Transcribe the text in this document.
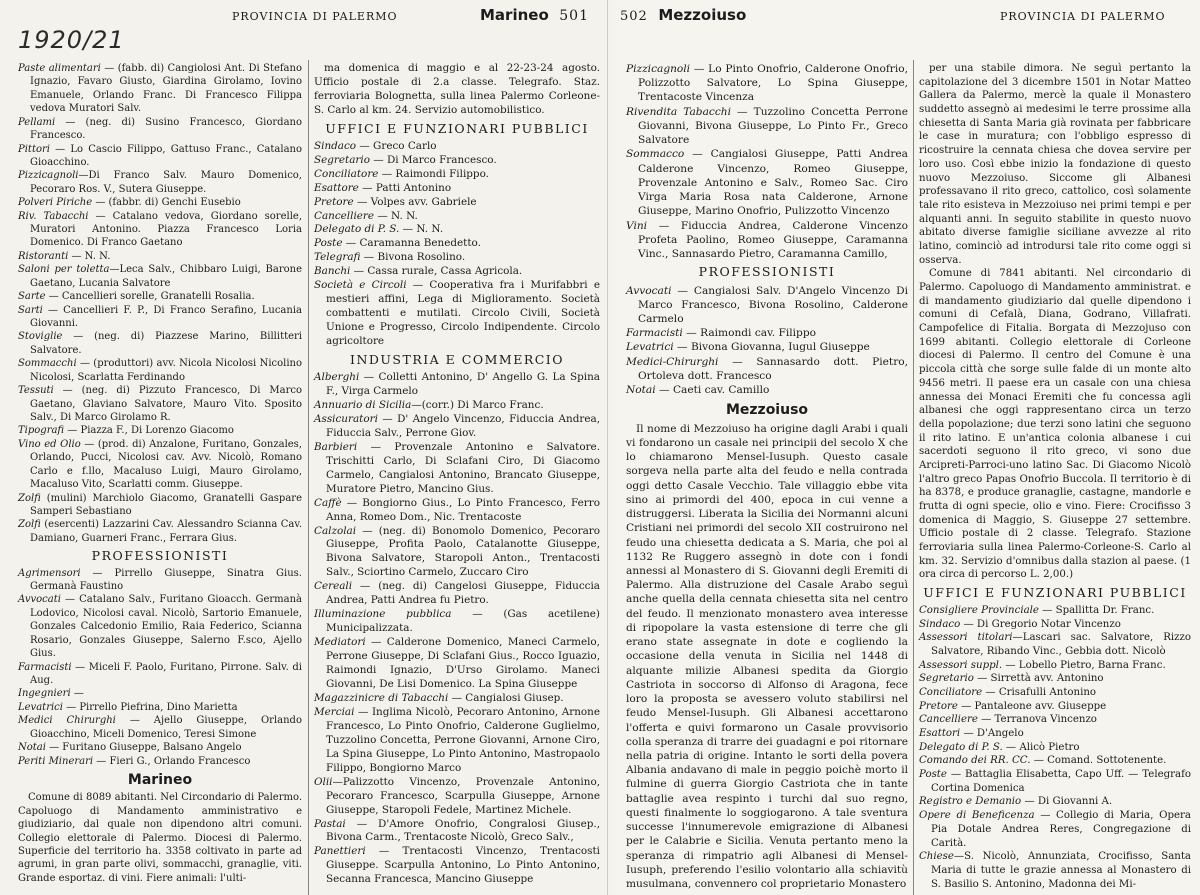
1920/21
PROVINCIA DI PALERMO	Marineo 501
Paste alimentari — (fabb. di) Cangiolosi Ant. Di Stefano Ignazio, Favaro Giusto, Giardina Girolamo, Iovino Emanuele, Orlando Franc. Di Francesco Filippa vedova Muratori Salv.
Pellami — (neg. di) Susino Francesco, Giordano Francesco.
Pittori — Lo Cascio Filippo, Gattuso Franc., Catalano Gioacchino.
Pizzicagnoli—Di Franco Salv. Mauro Domenico, Pecoraro Ros. V., Sutera Giuseppe.
Polveri Piriche — (fabbr. di) Genchi Eusebio
Riv. Tabacchi — Catalano vedova, Giordano sorelle, Muratori Antonino. Piazza Francesco Loria Domenico. Di Franco Gaetano
Ristoranti — N. N.
Saloni per toletta—Leca Salv., Chibbaro Luigi, Barone Gaetano, Lucania Salvatore
Sarte — Cancellieri sorelle, Granatelli Rosalia.
Sarti — Cancellieri F. P., Di Franco Serafino, Lucania Giovanni.
Stoviglie — (neg. di) Piazzese Marino, Billitteri Salvatore.
Sommacchi — (produttori) avv. Nicola Nicolosi Nicolino Nicolosi, Scarlatta Ferdinando
Tessuti — (neg. di) Pizzuto Francesco, Di Marco Gaetano, Glaviano Salvatore, Mauro Vito. Sposito Salv., Di Marco Girolamo R.
Tipografi — Piazza F., Di Lorenzo Giacomo
Vino ed Olio — (prod. di) Anzalone, Furitano, Gonzales, Orlando, Pucci, Nicolosi cav. Avv. Nicolò, Romano Carlo e f.llo, Macaluso Luigi, Mauro Girolamo, Macaluso Vito, Scarlatti comm. Giuseppe.
Zolfi (mulini) Marchiolo Giacomo, Granatelli Gaspare Samperi Sebastiano
Zolfi (esercenti) Lazzarini Cav. Alessandro Scianna Cav. Damiano, Guarneri Franc., Ferrara Gius.
PROFESSIONISTI
Agrimensori — Pirrello Giuseppe, Sinatra Gius. Germanà Faustino
Avvocati — Catalano Salv., Furitano Gioacch. Germanà Lodovico, Nicolosi caval. Nicolò, Sartorio Emanuele, Gonzales Calcedonio Emilio, Raia Federico, Scianna Rosario, Gonzales Giuseppe, Salerno F.sco, Ajello Gius.
Farmacisti — Miceli F. Paolo, Furitano, Pirrone. Salv. di Aug.
Ingegnieri —
Levatrici — Pirrello Piefrina, Dino Marietta
Medici Chirurghi — Ajello Giuseppe, Orlando Gioacchino, Miceli Domenico, Teresi Simone
Notai — Furitano Giuseppe, Balsano Angelo
Periti Minerari — Fieri G., Orlando Francesco
Marineo

Comune di 8089 abitanti. Nel Circondario di Palermo. Capoluogo di Mandamento amministrativo e giudiziario, dal quale non dipendono altri comuni. Collegio elettorale di Palermo. Diocesi di Palermo. Superficie del territorio ha. 3358 coltivato in parte ad agrumi, in gran parte olivi, sommacchi, granaglie, viti. Grande esportaz. di vini. Fiere animali: l'ulti-

ma domenica di maggio e al 22-23-24 agosto. Ufficio postale di 2.a classe. Telegrafo. Staz. ferroviaria Bolognetta, sulla linea Palermo Corleone-S. Carlo al km. 24. Servizio automobilistico.

UFFICI E FUNZIONARI PUBBLICI
Sindaco — Greco Carlo
Segretario — Di Marco Francesco.
Conciliatore — Raimondi Filippo.
Esattore — Patti Antonino
Pretore — Volpes avv. Gabriele
Cancelliere — N. N.
Delegato di P. S. — N. N.
Poste — Caramanna Benedetto.
Telegrafi — Bivona Rosolino.
Banchi — Cassa rurale, Cassa Agricola.
Società e Circoli — Cooperativa fra i Murifabbri e mestieri affini, Lega di Miglioramento. Società combattenti e mutilati. Circolo Civili, Società Unione e Progresso, Circolo Indipendente. Circolo agricoltore
INDUSTRIA E COMMERCIO
Alberghi — Colletti Antonino, D' Angello G. La Spina F., Virga Carmelo
Annuario di Sicilia—(corr.) Di Marco Franc.
Assicuratori — D' Angelo Vincenzo, Fiduccia Andrea, Fiduccia Salv., Perrone Giov.
Barbieri — Provenzale Antonino e Salvatore. Trischitti Carlo, Di Sclafani Ciro, Di Giacomo Carmelo, Cangialosi Antonino, Brancato Giuseppe, Muratore Pietro, Mancino Gius.
Caffè — Bongiorno Gius., Lo Pinto Francesco, Ferro Anna, Romeo Dom., Nic. Trentacoste
Calzolai — (neg. di) Bonomolo Domenico, Pecoraro Giuseppe, Profita Paolo, Catalanotte Giuseppe, Bivona Salvatore, Staropoli Anton., Trentacosti Salv., Sciortino Carmelo, Zuccaro Ciro
Cereali — (neg. di) Cangelosi Giuseppe, Fiduccia Andrea, Patti Andrea fu Pietro.
Illuminazione pubblica — (Gas acetilene) Municipalizzata.
Mediatori — Calderone Domenico, Maneci Carmelo, Perrone Giuseppe, Di Sclafani Gius., Rocco Iguazio, Raimondi Ignazio, D'Urso Girolamo. Maneci Giovanni, De Lisi Domenico. La Spina Giuseppe
Magazzinicre di Tabacchi — Cangialosi Giusep.
Merciai — Inglima Nicolò, Pecoraro Antonino, Arnone Francesco, Lo Pinto Onofrio, Calderone Guglielmo, Tuzzolino Concetta, Perrone Giovanni, Arnone Ciro, La Spina Giuseppe, Lo Pinto Antonino, Mastropaolo Filippo, Bongiorno Marco
Olii—Palizzotto Vincenzo, Provenzale Antonino, Pecoraro Francesco, Scarpulla Giuseppe, Arnone Giuseppe, Staropoli Fedele, Martinez Michele.
Pastai — D'Amore Onofrio, Congralosi Giusep., Bivona Carm., Trentacoste Nicolò, Greco Salv.,
Panettieri — Trentacosti Vincenzo, Trentacosti Giuseppe. Scarpulla Antonino, Lo Pinto Antonino, Secanna Francesca, Mancino Giuseppe
502 Mezzoiuso	PROVINCIA DI PALERMO
Pizzicagnoli — Lo Pinto Onofrio, Calderone Onofrio, Polizzotto Salvatore, Lo Spina Giuseppe, Trentacoste Vincenza
Rivendita Tabacchi — Tuzzolino Concetta Perrone Giovanni, Bivona Giuseppe, Lo Pinto Fr., Greco Salvatore
Sommacco — Cangialosi Giuseppe, Patti Andrea Calderone Vincenzo, Romeo Giuseppe, Provenzale Antonino e Salv., Romeo Sac. Ciro Virga Maria Rosa nata Calderone, Arnone Giuseppe, Marino Onofrio, Pulizzotto Vincenzo
Vini — Fiduccia Andrea, Calderone Vincenzo Profeta Paolino, Romeo Giuseppe, Caramanna Vinc., Sannasardo Pietro, Caramanna Camillo,
PROFESSIONISTI
Avvocati — Cangialosi Salv. D'Angelo Vincenzo Di Marco Francesco, Bivona Rosolino, Calderone Carmelo
Farmacisti — Raimondi cav. Filippo
Levatrici — Bivona Giovanna, Iugul Giuseppe
Medici-Chirurghi — Sannasardo dott. Pietro, Ortoleva dott. Francesco
Notai — Caeti cav. Camillo
Mezzoiuso

Il nome di Mezzoiuso ha origine dagli Arabi i quali vi fondarono un casale nei principii del secolo X che lo chiamarono Mensel-Iusuph. Questo casale sorgeva nella parte alta del feudo e nella contrada oggi detto Casale Vecchio. Tale villaggio ebbe vita sino ai primordi del 400, epoca in cui venne a distruggersi. Liberata la Sicilia dei Normanni alcuni Cristiani nei primordi del secolo XII costruirono nel feudo una chiesetta dedicata a S. Maria, che poi al 1132 Re Ruggero assegnò in dote con i fondi annessi al Monastero di S. Giovanni degli Eremiti di Palermo. Alla distruzione del Casale Arabo seguì anche quella della cennata chiesetta sita nel centro del feudo. Il menzionato monastero avea interesse di ripopolare la vasta estensione di terre che gli erano state assegnate in dote e cogliendo la occasione della venuta in Sicilia nel 1448 di alquante milizie Albanesi spedita da Giorgio Castriota in soccorso di Alfonso di Aragona, fece loro la proposta se avessero voluto stabilirsi nel feudo Mensel-Iusuph. Gli Albanesi accettarono l'offerta e quivi formarono un Casale provvisorio colla speranza di trarre dei guadagni e poi ritornare nella patria di origine. Intanto le sorti della povera Albania andavano di male in peggio poichè morto il fulmine di guerra Giorgio Castriota che in tante battaglie avea respinto i turchi dal suo regno, questi finalmente lo soggiogarono. A tale sventura successe l'innumerevole emigrazione di Albanesi per le Calabrie e Sicilia. Venuta pertanto meno la speranza di rimpatrio agli Albanesi di Mensel-Iusuph, preferendo l'esilio volontario alla schiavitù musulmana, convennero col proprietario Monastero

per una stabile dimora. Ne seguì pertanto la capitolazione del 3 dicembre 1501 in Notar Matteo Gallera da Palermo, mercè la quale il Monastero suddetto assegnò ai medesimi le terre prossime alla chiesetta di Santa Maria già rovinata per fabbricare le case in muratura; con l'obbligo espresso di ricostruire la cennata chiesa che dovea servire per loro uso. Così ebbe inizio la fondazione di questo nuovo Mezzoiuso. Siccome gli Albanesi professavano il rito greco, cattolico, così solamente tale rito esisteva in Mezzoiuso nei primi tempi e per alquanti anni. In seguito stabilite in questo nuovo abitato diverse famiglie siciliane avvezze al rito latino, cominciò ad introdursi tale rito come oggi si osserva.

Comune di 7841 abitanti. Nel circondario di Palermo. Capoluogo di Mandamento amministrat. e di mandamento giudiziario dal quelle dipendono i comuni di Cefalà, Diana, Godrano, Villafrati. Campofelice di Fitalia. Borgata di Mezzojuso con 1699 abitanti. Collegio elettorale di Corleone diocesi di Palermo. Il centro del Comune è una piccola città che sorge sulle falde di un monte alto 9456 metri. Il paese era un casale con una chiesa annessa dei Monaci Eremiti che fu concessa agli albanesi che oggi rappresentano circa un terzo della popolazione; due terzi sono latini che seguono il rito latino. E un'antica colonia albanese i cui sacerdoti seguono il rito greco, vi sono due Arcipreti-Parroci-uno latino Sac. Di Giacomo Nicolò l'altro greco Papas Onofrio Buccola. Il territorio è di ha 8378, e produce granaglie, castagne, mandorle e frutta di ogni specie, olio e vino. Fiere: Crocifisso 3 domenica di Maggio, S. Giuseppe 27 settembre. Ufficio postale di 2 classe. Telegrafo. Stazione ferroviaria sulla linea Palermo-Corleone-S. Carlo al km. 32. Servizio d'omnibus dalla stazion al paese. (1 ora circa di percorso L. 2,00.)

UFFICI E FUNZIONARI PUBBLICI
Consigliere Provinciale — Spallitta Dr. Franc.
Sindaco — Di Gregorio Notar Vincenzo
Assessori titolari—Lascari sac. Salvatore, Rizzo Salvatore, Ribando Vinc., Gebbia dott. Nicolò
Assessori suppl. — Lobello Pietro, Barna Franc.
Segretario — Sirrettà avv. Antonino
Conciliatore — Crisafulli Antonino
Pretore — Pantaleone avv. Giuseppe
Cancelliere — Terranova Vincenzo
Esattori — D'Angelo
Delegato di P. S. — Alicò Pietro
Comando dei RR. CC. — Comand. Sottotenente.
Poste — Battaglia Elisabetta, Capo Uff. — Telegrafo Cortina Domenica
Registro e Demanio — Di Giovanni A.
Opere di Beneficenza — Collegio di Maria, Opera Pia Dotale Andrea Reres, Congregazione di Carità.
Chiese—S. Nicolò, Annunziata, Crocifisso, Santa Maria di tutte le grazie annessa al Monastero di S. Basilio S. Antonino, Madonna dei Mi-
